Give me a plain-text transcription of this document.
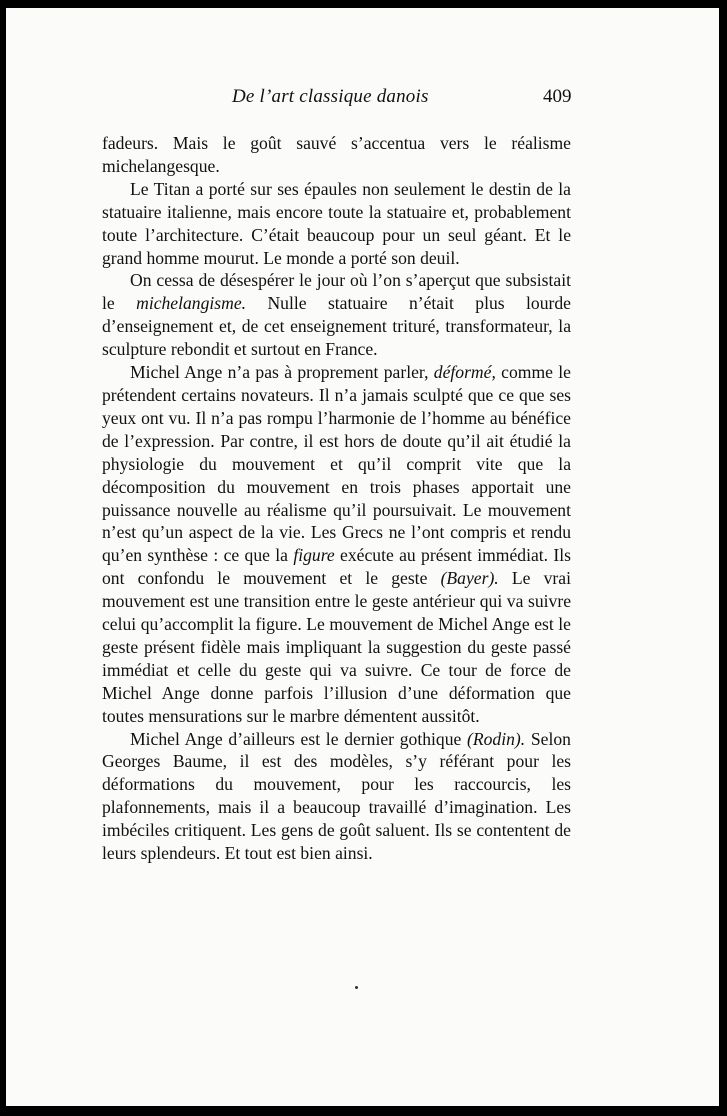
De l’art classique danois	409

fadeurs. Mais le goût sauvé s’accentua vers le réalisme michelangesque.

Le Titan a porté sur ses épaules non seulement le destin de la statuaire italienne, mais encore toute la statuaire et, probablement toute l’architecture. C’était beaucoup pour un seul géant. Et le grand homme mourut. Le monde a porté son deuil.

On cessa de désespérer le jour où l’on s’aperçut que subsistait le michelangisme. Nulle statuaire n’était plus lourde d’enseignement et, de cet enseignement trituré, transformateur, la sculpture rebondit et surtout en France.

Michel Ange n’a pas à proprement parler, déformé, comme le prétendent certains novateurs. Il n’a jamais sculpté que ce que ses yeux ont vu. Il n’a pas rompu l’harmonie de l’homme au bénéfice de l’expression. Par contre, il est hors de doute qu’il ait étudié la physiologie du mouvement et qu’il comprit vite que la décomposition du mouvement en trois phases apportait une puissance nouvelle au réalisme qu’il poursuivait. Le mouvement n’est qu’un aspect de la vie. Les Grecs ne l’ont compris et rendu qu’en synthèse : ce que la figure exécute au présent immédiat. Ils ont confondu le mouvement et le geste (Bayer). Le vrai mouvement est une transition entre le geste antérieur qui va suivre celui qu’accomplit la figure. Le mouvement de Michel Ange est le geste présent fidèle mais impliquant la suggestion du geste passé immédiat et celle du geste qui va suivre. Ce tour de force de Michel Ange donne parfois l’illusion d’une déformation que toutes mensurations sur le marbre démentent aussitôt.

Michel Ange d’ailleurs est le dernier gothique (Rodin). Selon Georges Baume, il est des modèles, s’y référant pour les déformations du mouvement, pour les raccourcis, les plafonnements, mais il a beaucoup travaillé d’imagination. Les imbéciles critiquent. Les gens de goût saluent. Ils se contentent de leurs splendeurs. Et tout est bien ainsi.
